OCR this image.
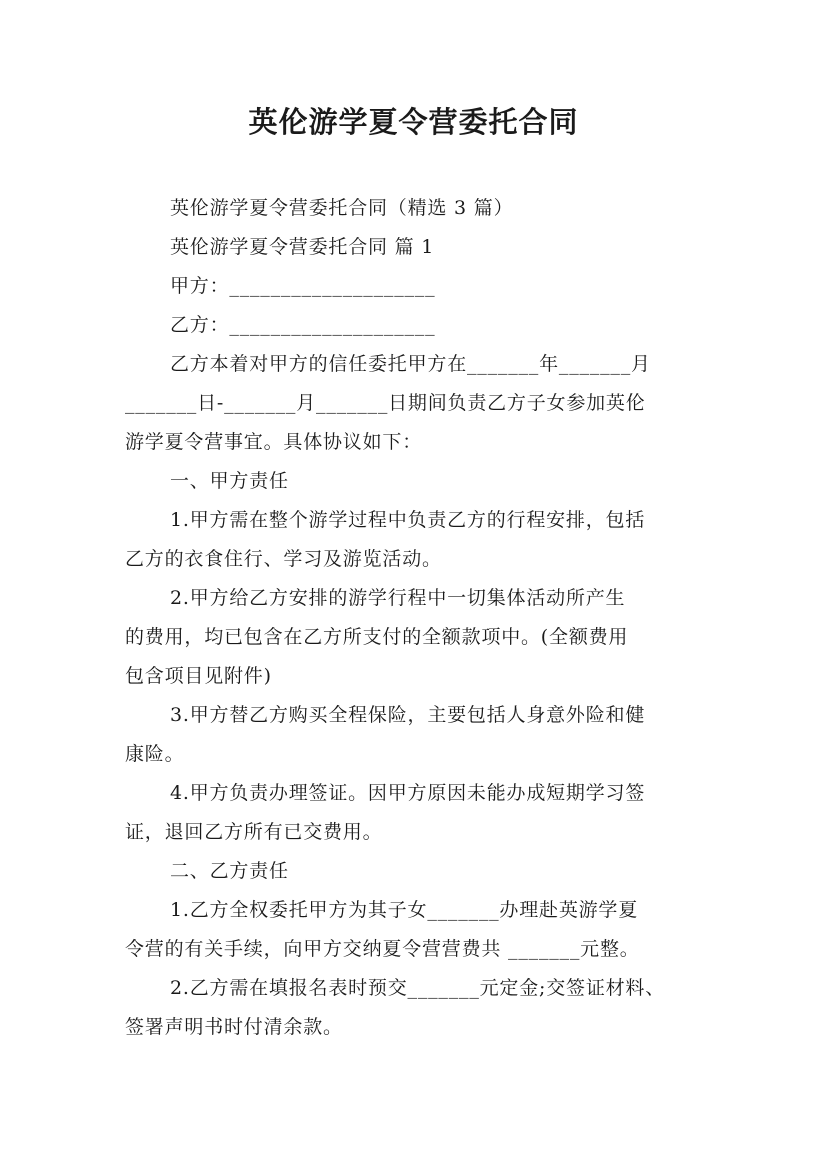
英伦游学夏令营委托合同

英伦游学夏令营委托合同（精选 3 篇）

英伦游学夏令营委托合同 篇 1

甲方：____________________

乙方：____________________

乙方本着对甲方的信任委托甲方在_______年_______月

_______日-_______月_______日期间负责乙方子女参加英伦

游学夏令营事宜。具体协议如下：

一、甲方责任

1.甲方需在整个游学过程中负责乙方的行程安排，包括

乙方的衣食住行、学习及游览活动。

2.甲方给乙方安排的游学行程中一切集体活动所产生

的费用，均已包含在乙方所支付的全额款项中。(全额费用

包含项目见附件)

3.甲方替乙方购买全程保险，主要包括人身意外险和健

康险。

4.甲方负责办理签证。因甲方原因未能办成短期学习签

证，退回乙方所有已交费用。

二、乙方责任

1.乙方全权委托甲方为其子女_______办理赴英游学夏

令营的有关手续，向甲方交纳夏令营营费共 _______元整。

2.乙方需在填报名表时预交_______元定金;交签证材料、

签署声明书时付清余款。
